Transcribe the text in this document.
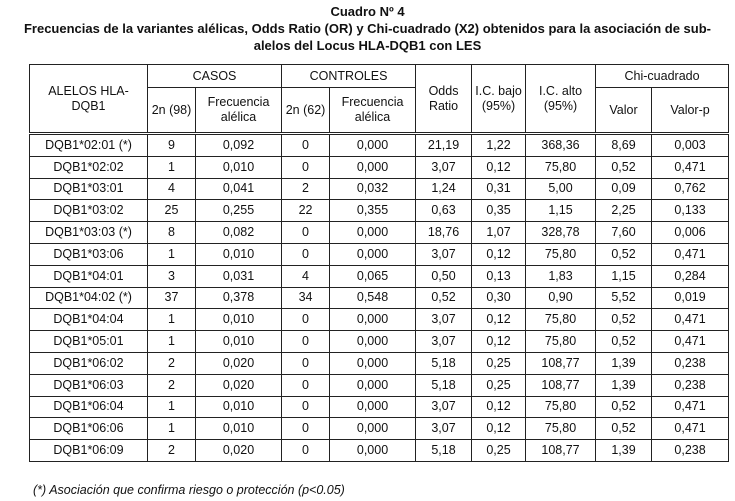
Cuadro Nº 4
Frecuencias de la variantes alélicas, Odds Ratio (OR) y Chi-cuadrado (X2) obtenidos para la asociación de sub-alelos del Locus HLA-DQB1 con LES
ALELOS HLA-DQB1	CASOS		CONTROLES		Odds Ratio	I.C. bajo (95%)	I.C. alto (95%)	Chi-cuadrado	
	2n (98)	Frecuencia alélica	2n (62)	Frecuencia alélica				Valor	Valor-p
DQB1*02:01 (*)	9	0,092	0	0,000	21,19	1,22	368,36	8,69	0,003
DQB1*02:02	1	0,010	0	0,000	3,07	0,12	75,80	0,52	0,471
DQB1*03:01	4	0,041	2	0,032	1,24	0,31	5,00	0,09	0,762
DQB1*03:02	25	0,255	22	0,355	0,63	0,35	1,15	2,25	0,133
DQB1*03:03 (*)	8	0,082	0	0,000	18,76	1,07	328,78	7,60	0,006
DQB1*03:06	1	0,010	0	0,000	3,07	0,12	75,80	0,52	0,471
DQB1*04:01	3	0,031	4	0,065	0,50	0,13	1,83	1,15	0,284
DQB1*04:02 (*)	37	0,378	34	0,548	0,52	0,30	0,90	5,52	0,019
DQB1*04:04	1	0,010	0	0,000	3,07	0,12	75,80	0,52	0,471
DQB1*05:01	1	0,010	0	0,000	3,07	0,12	75,80	0,52	0,471
DQB1*06:02	2	0,020	0	0,000	5,18	0,25	108,77	1,39	0,238
DQB1*06:03	2	0,020	0	0,000	5,18	0,25	108,77	1,39	0,238
DQB1*06:04	1	0,010	0	0,000	3,07	0,12	75,80	0,52	0,471
DQB1*06:06	1	0,010	0	0,000	3,07	0,12	75,80	0,52	0,471
DQB1*06:09	2	0,020	0	0,000	5,18	0,25	108,77	1,39	0,238
(*) Asociación que confirma riesgo o protección (p<0.05)
